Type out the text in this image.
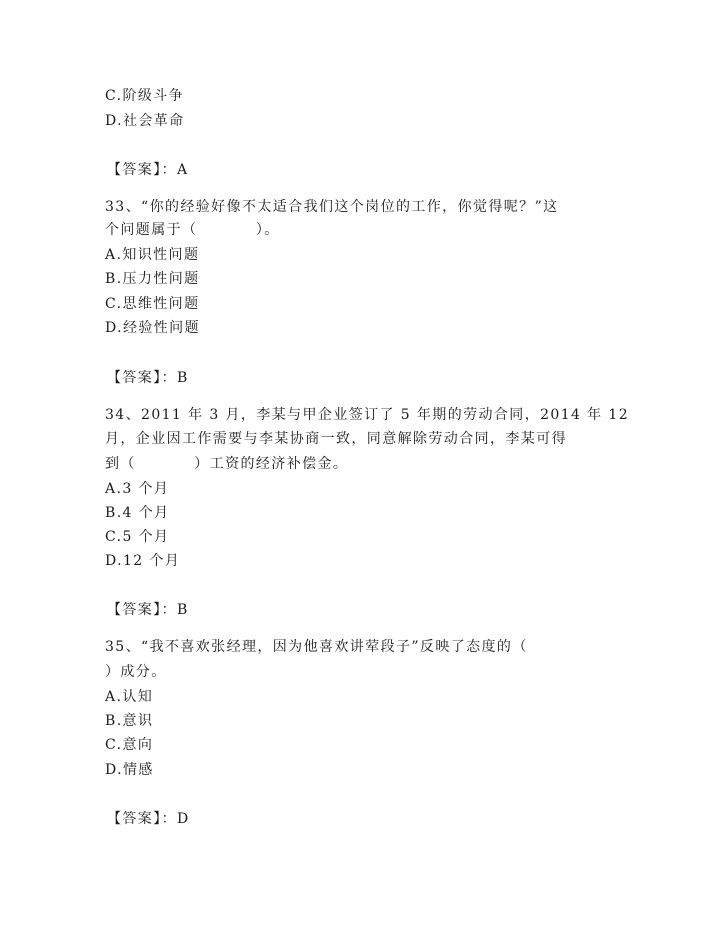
C.阶级斗争
D.社会革命
【答案】：A
33、“你的经验好像不太适合我们这个岗位的工作，你觉得呢？”这
个问题属于（          ）。
A.知识性问题
B.压力性问题
C.思维性问题
D.经验性问题
【答案】：B
34、2011 年 3 月，李某与甲企业签订了 5 年期的劳动合同，2014 年 12
月，企业因工作需要与李某协商一致，同意解除劳动合同，李某可得
到（          ）工资的经济补偿金。
A.3 个月
B.4 个月
C.5 个月
D.12 个月
【答案】：B
35、“我不喜欢张经理，因为他喜欢讲荤段子”反映了态度的（
）成分。
A.认知
B.意识
C.意向
D.情感
【答案】：D
